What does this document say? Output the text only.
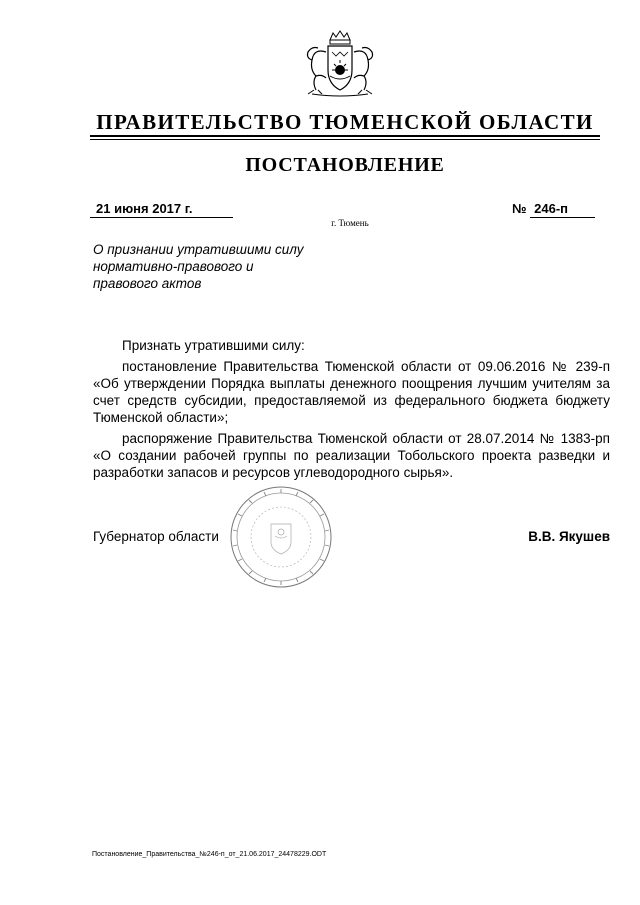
ПРАВИТЕЛЬСТВО ТЮМЕНСКОЙ ОБЛАСТИ
ПОСТАНОВЛЕНИЕ
21 июня 2017 г.	№ 246-п
г. Тюмень
О признании утратившими силу
нормативно-правового и
правового актов

Признать утратившими силу:

постановление Правительства Тюменской области от 09.06.2016 № 239-п «Об утверждении Порядка выплаты денежного поощрения лучшим учителям за счет средств субсидии, предоставляемой из федерального бюджета бюджету Тюменской области»;

распоряжение Правительства Тюменской области от 28.07.2014 № 1383-рп «О создании рабочей группы по реализации Тобольского проекта разведки и разработки запасов и ресурсов углеводородного сырья».

Губернатор области	В.В. Якушев
Постановление_Правительства_№246-п_от_21.06.2017_24478229.ODT
